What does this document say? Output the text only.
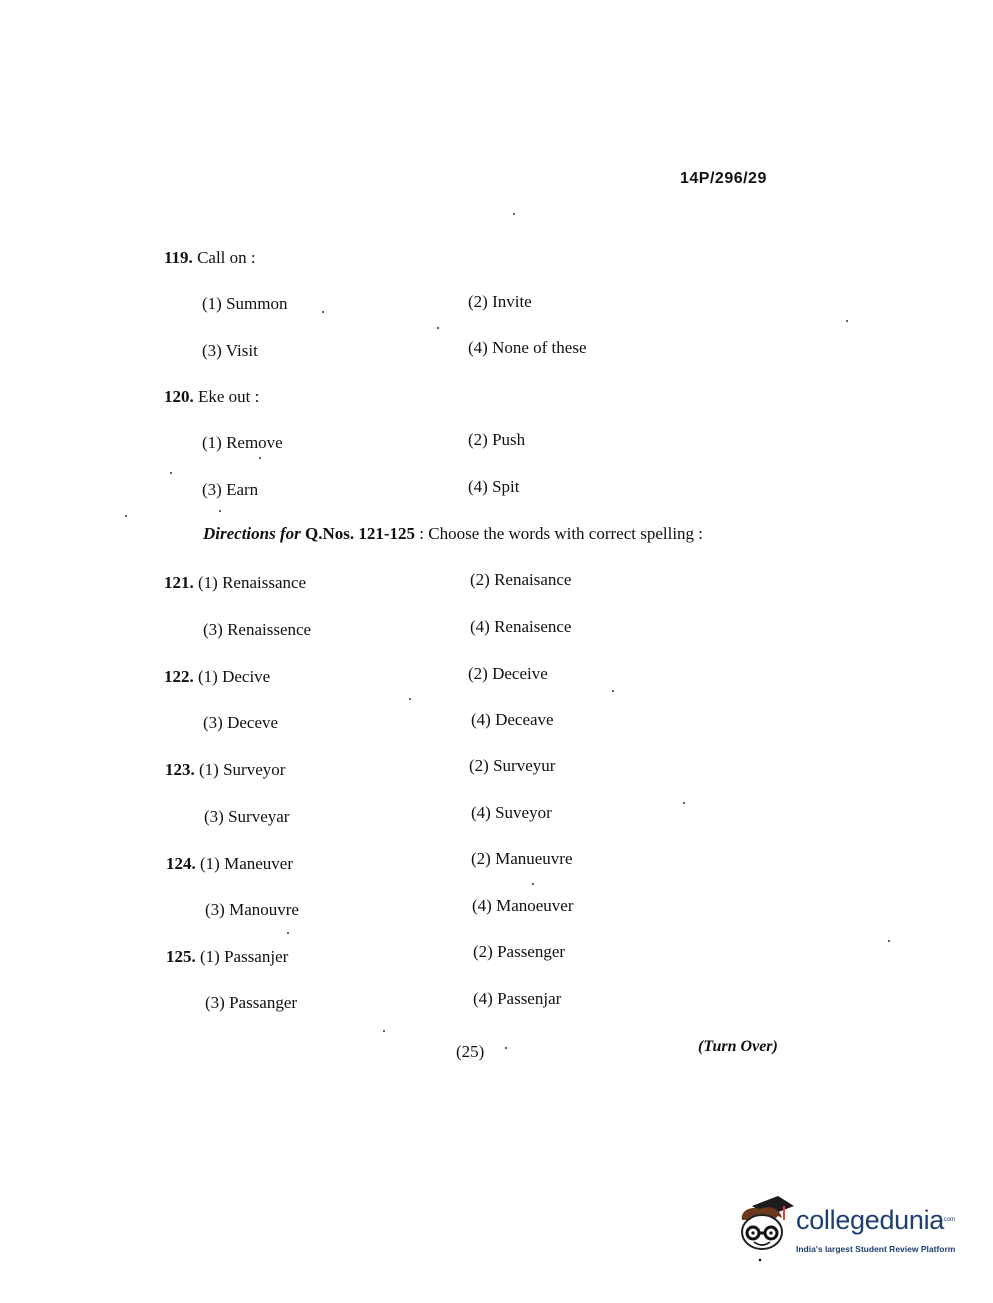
14P/296/29
119. Call on :
(1) Summon	(2) Invite
(3) Visit	(4) None of these
120. Eke out :
(1) Remove	(2) Push
(3) Earn	(4) Spit
Directions for Q.Nos. 121-125 : Choose the words with correct spelling :
121. (1) Renaissance	(2) Renaisance
(3) Renaissence	(4) Renaisence
122. (1) Decive	(2) Deceive
(3) Deceve	(4) Deceave
123. (1) Surveyor	(2) Surveyur
(3) Surveyar	(4) Suveyor
124. (1) Maneuver	(2) Manueuvre
(3) Manouvre	(4) Manoeuver
125. (1) Passanjer	(2) Passenger
(3) Passanger	(4) Passenjar
(25)	(Turn Over)
collegedunia
.com
India's largest Student Review Platform
